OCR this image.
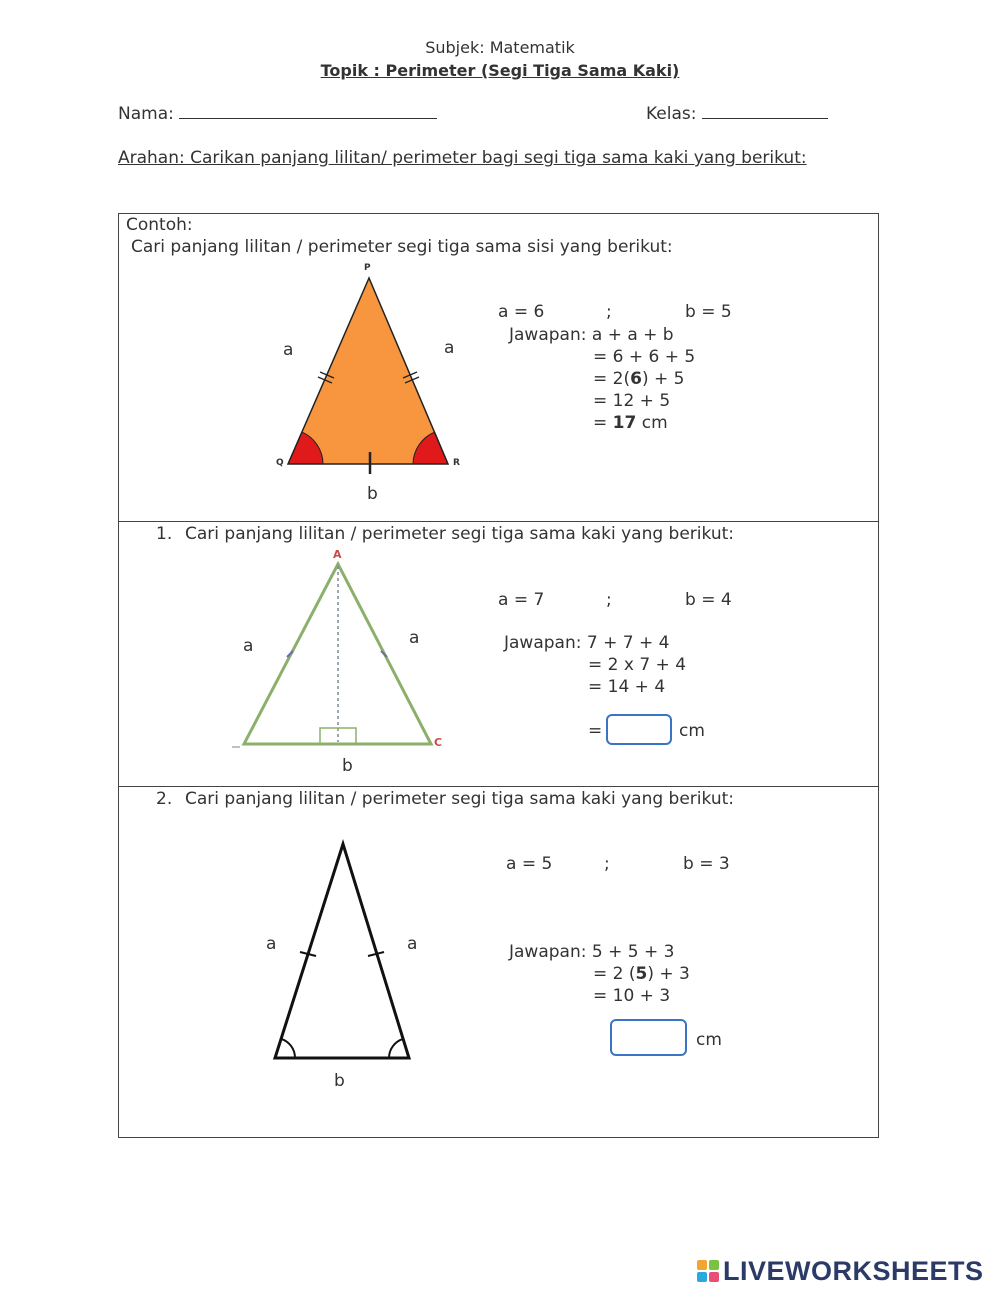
Subjek: Matematik
Topik : Perimeter (Segi Tiga Sama Kaki)
Nama:	Kelas:
Arahan: Carikan panjang lilitan/ perimeter bagi segi tiga sama kaki yang berikut:
Contoh:
Cari panjang lilitan / perimeter segi tiga sama sisi yang berikut:
P
Q	R
a	a
b
a = 6	;	b = 5
Jawapan: a + a + b
= 6 + 6 + 5
= 2(6) + 5
= 12 + 5
= 17 cm
1. Cari panjang lilitan / perimeter segi tiga sama kaki yang berikut:
A
C
a	a
b
a = 7	;	b = 4
Jawapan: 7 + 7 + 4
= 2 x 7 + 4
= 14 + 4
=	cm
2. Cari panjang lilitan / perimeter segi tiga sama kaki yang berikut:
a	a
b
a = 5	;	b = 3
Jawapan: 5 + 5 + 3
= 2 (5) + 3
= 10 + 3
cm
LIVEWORKSHEETS
